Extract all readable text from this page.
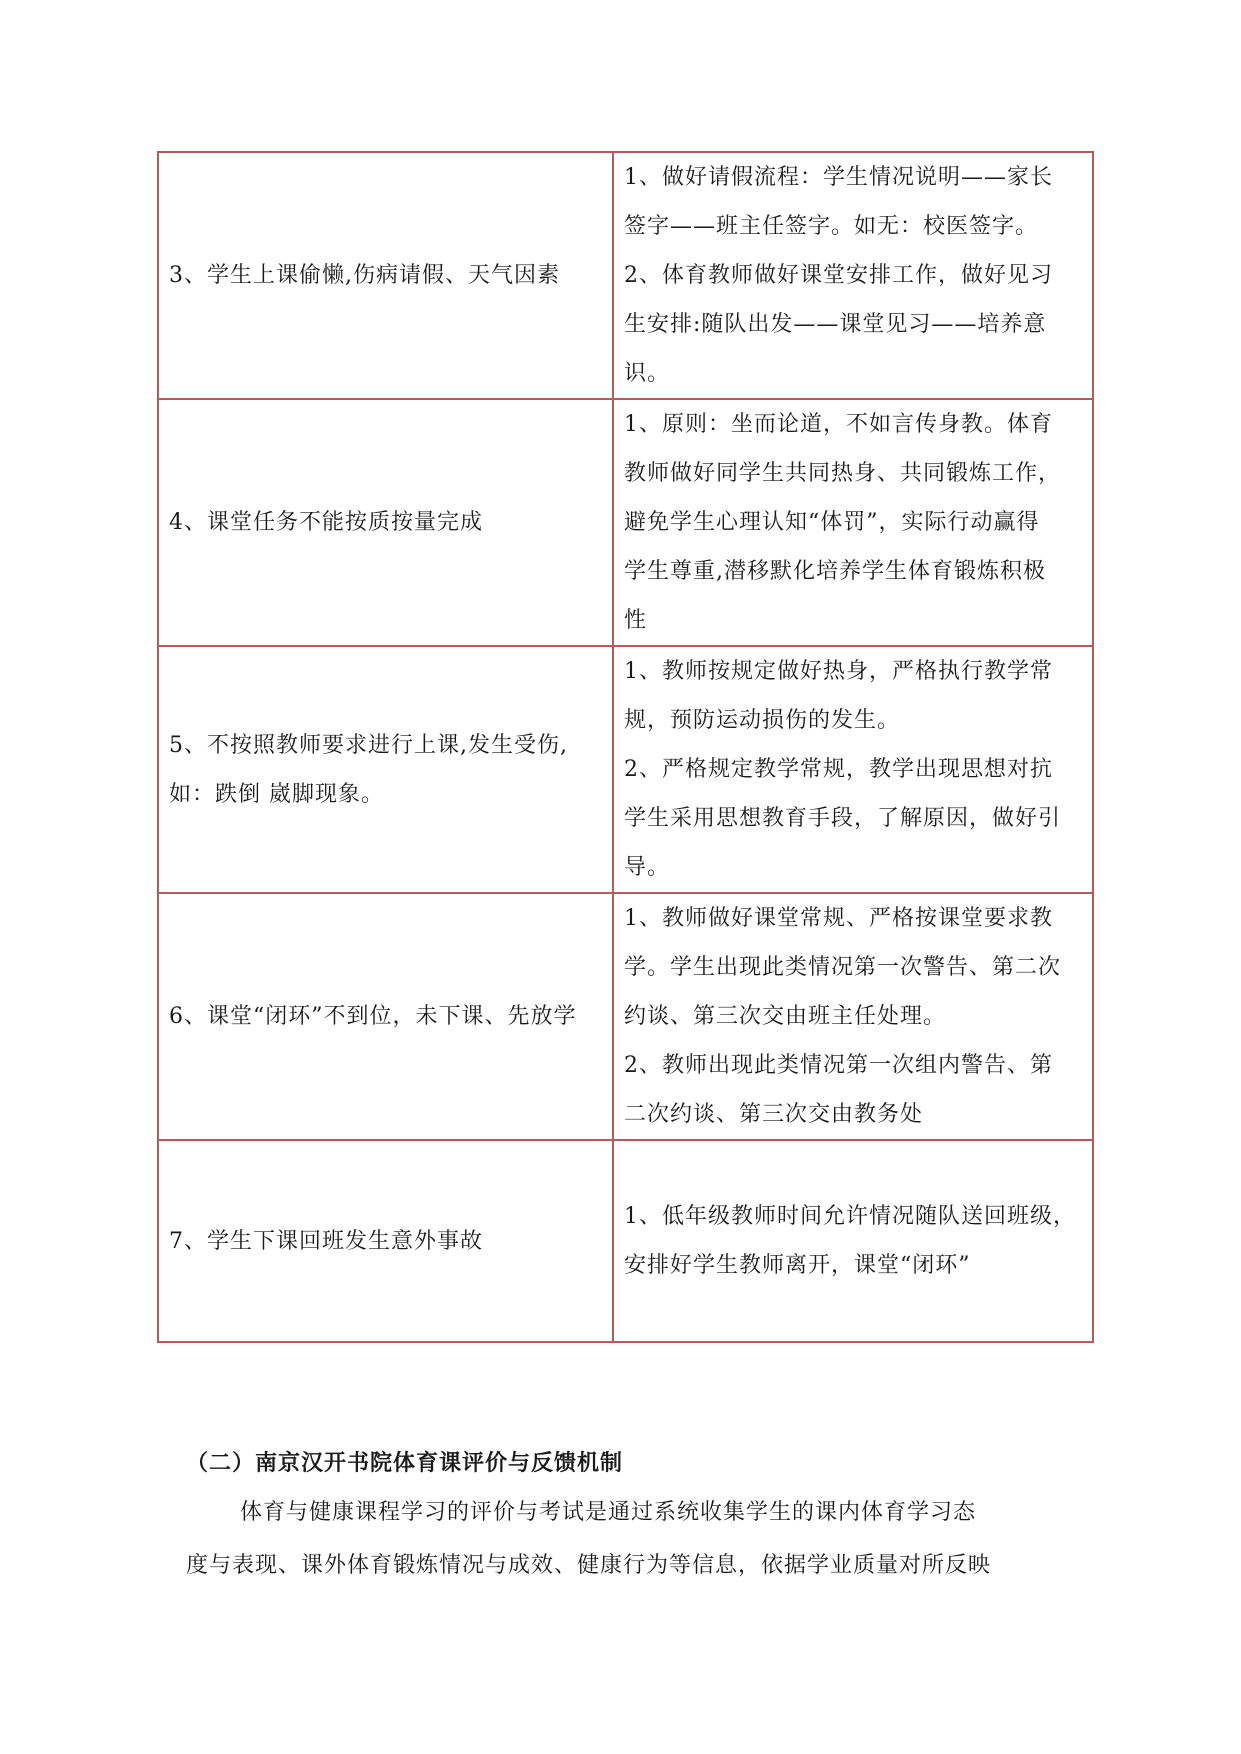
3、学生上课偷懒,伤病请假、天气因素	1、做好请假流程：学生情况说明——家长
签字——班主任签字。如无：校医签字。
2、体育教师做好课堂安排工作，做好见习
生安排:随队出发——课堂见习——培养意
识。

4、课堂任务不能按质按量完成	1、原则：坐而论道，不如言传身教。体育
教师做好同学生共同热身、共同锻炼工作，
避免学生心理认知“体罚”，实际行动赢得
学生尊重,潜移默化培养学生体育锻炼积极
性

5、不按照教师要求进行上课,发生受伤,如：跌倒 崴脚现象。	1、教师按规定做好热身，严格执行教学常
规，预防运动损伤的发生。
2、严格规定教学常规，教学出现思想对抗
学生采用思想教育手段，了解原因，做好引
导。

6、课堂“闭环”不到位，未下课、先放学	1、教师做好课堂常规、严格按课堂要求教
学。学生出现此类情况第一次警告、第二次
约谈、第三次交由班主任处理。
2、教师出现此类情况第一次组内警告、第
二次约谈、第三次交由教务处

7、学生下课回班发生意外事故	1、低年级教师时间允许情况随队送回班级，
安排好学生教师离开，课堂“闭环”
（二）南京汉开书院体育课评价与反馈机制
体育与健康课程学习的评价与考试是通过系统收集学生的课内体育学习态
度与表现、课外体育锻炼情况与成效、健康行为等信息，依据学业质量对所反映
